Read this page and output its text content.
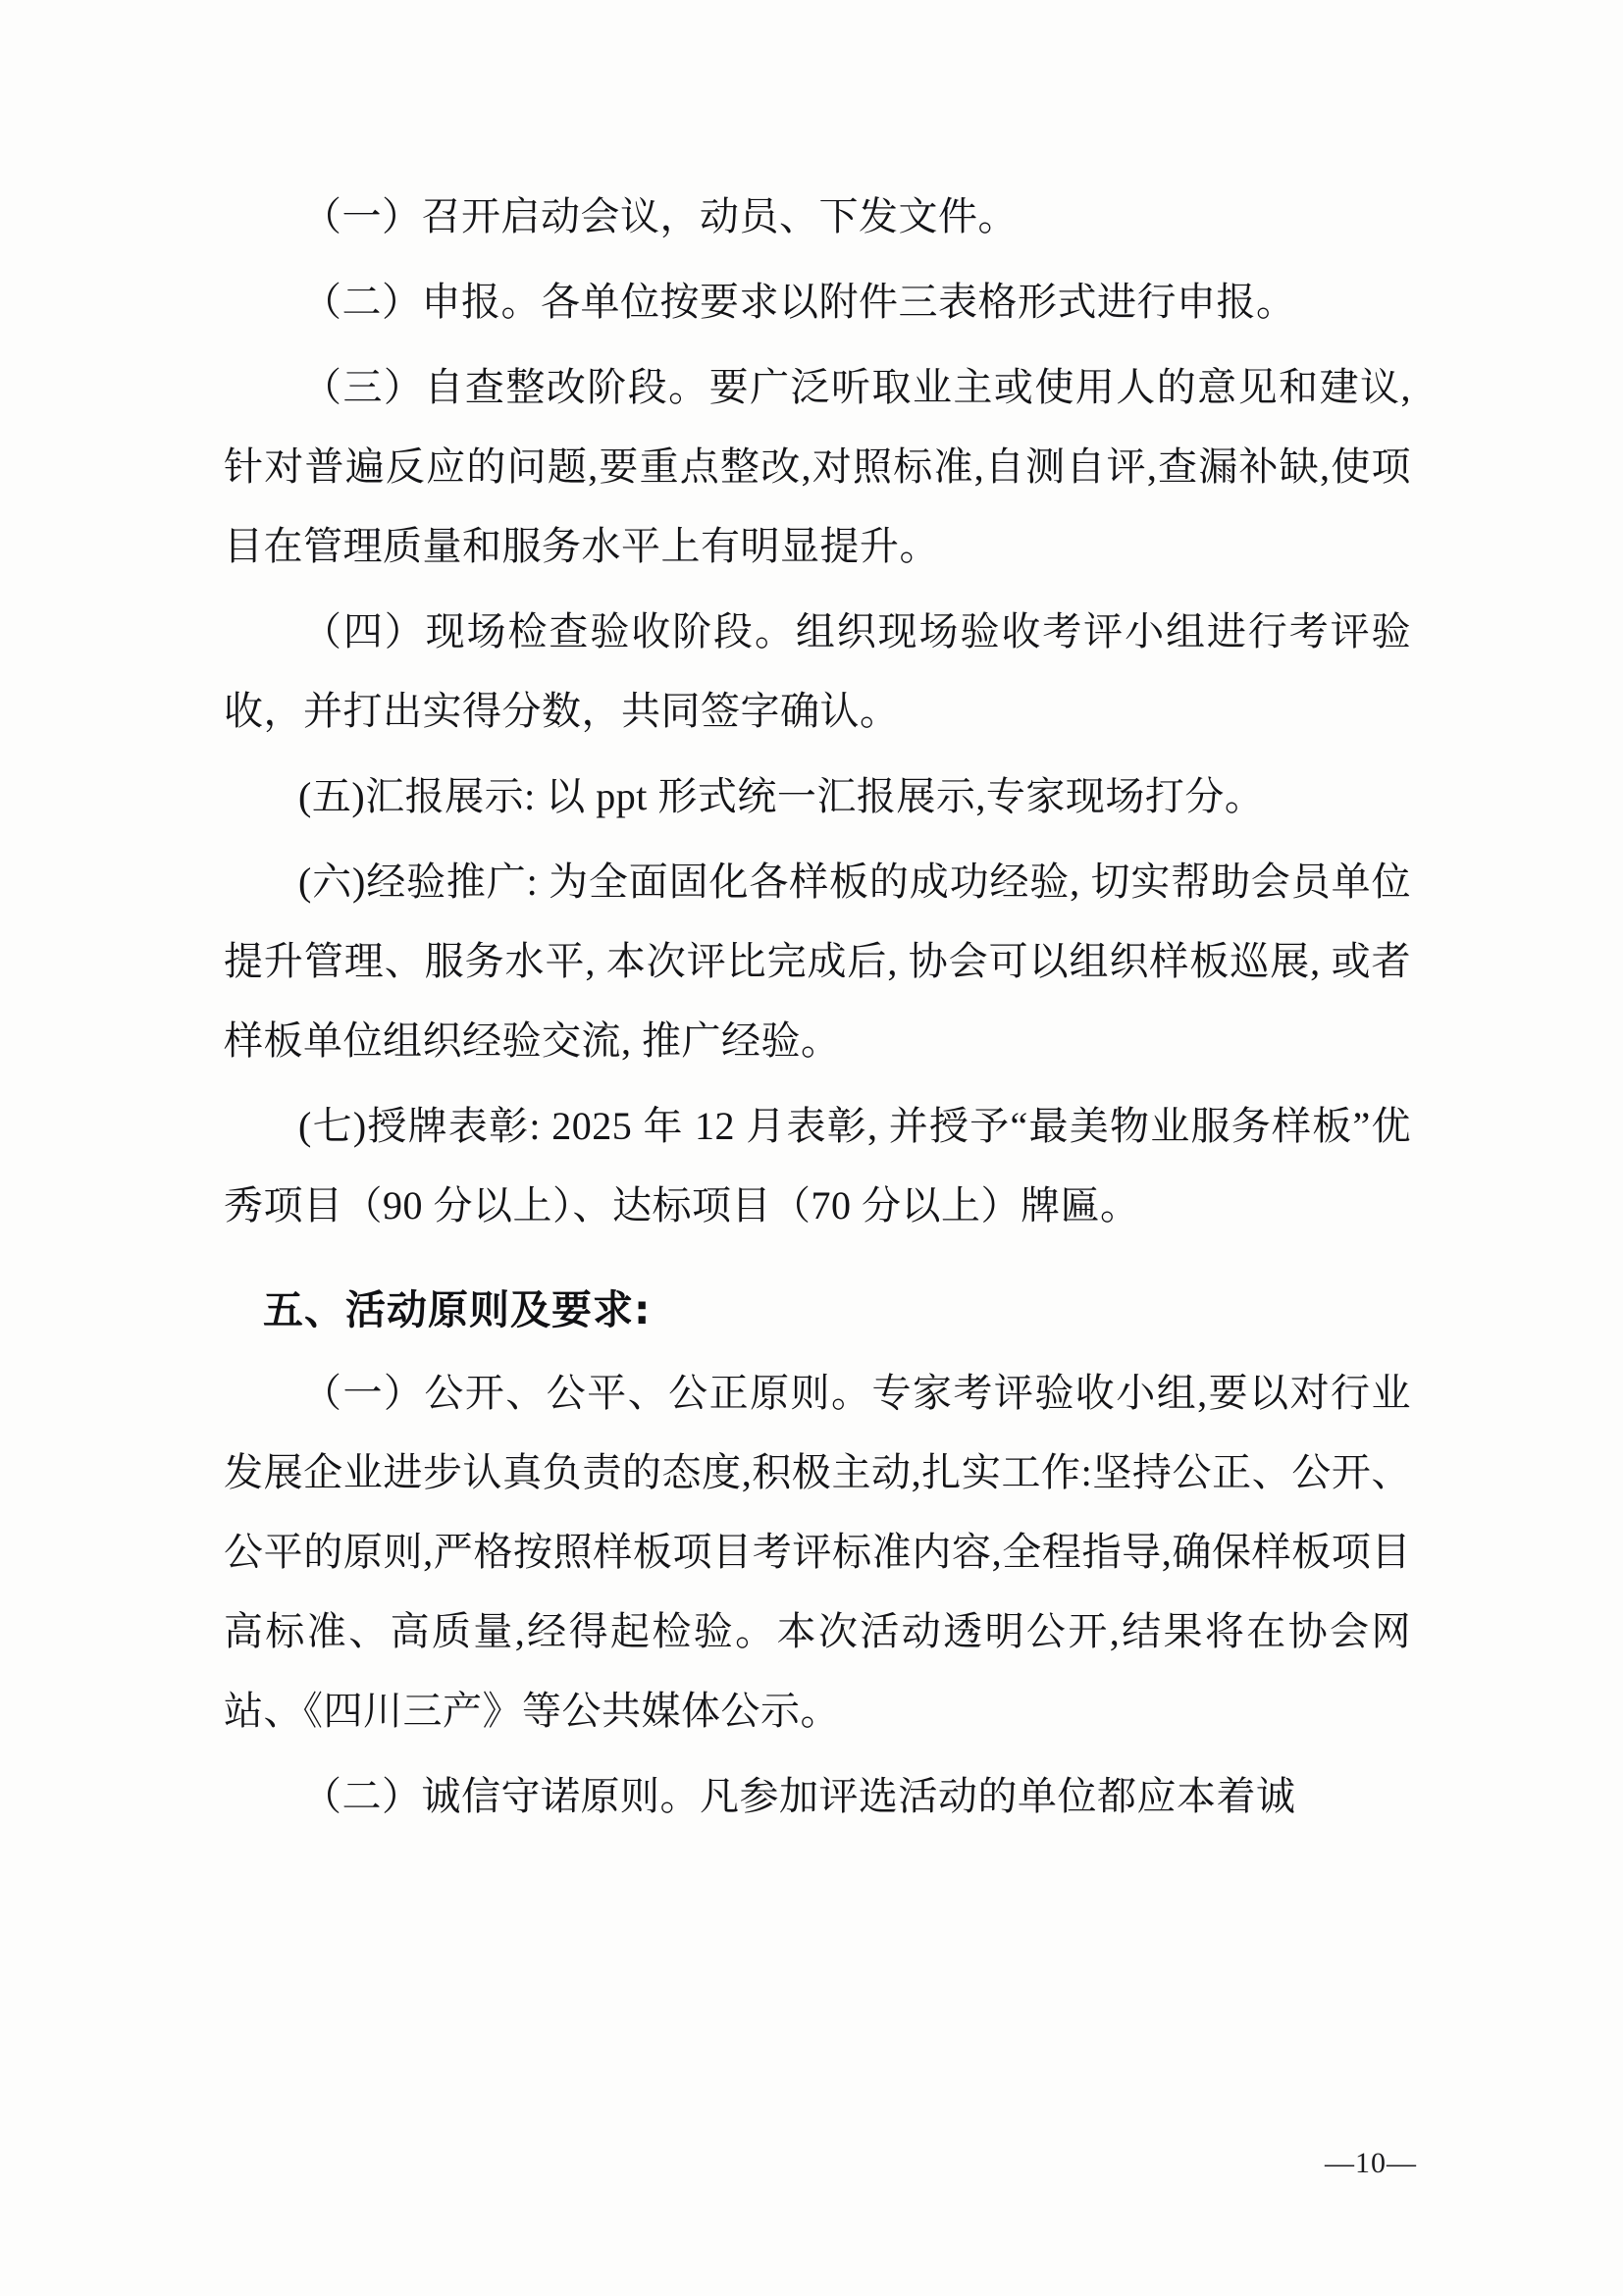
（一）召开启动会议，动员、下发文件。

（二）申报。各单位按要求以附件三表格形式进行申报。

（三）自查整改阶段。要广泛听取业主或使用人的意见和建议,针对普遍反应的问题,要重点整改,对照标准,自测自评,查漏补缺,使项目在管理质量和服务水平上有明显提升。

（四）现场检查验收阶段。组织现场验收考评小组进行考评验收，并打出实得分数，共同签字确认。

(五)汇报展示: 以 ppt 形式统一汇报展示,专家现场打分。

(六)经验推广: 为全面固化各样板的成功经验, 切实帮助会员单位提升管理、服务水平, 本次评比完成后, 协会可以组织样板巡展, 或者样板单位组织经验交流, 推广经验。

(七)授牌表彰: 2025 年 12 月表彰, 并授予“最美物业服务样板”优秀项目（90 分以上）、达标项目（70 分以上）牌匾。

五、活动原则及要求:

（一）公开、公平、公正原则。专家考评验收小组,要以对行业发展企业进步认真负责的态度,积极主动,扎实工作:坚持公正、公开、公平的原则,严格按照样板项目考评标准内容,全程指导,确保样板项目高标准、高质量,经得起检验。本次活动透明公开,结果将在协会网站、《四川三产》等公共媒体公示。

（二）诚信守诺原则。凡参加评选活动的单位都应本着诚

—10—
